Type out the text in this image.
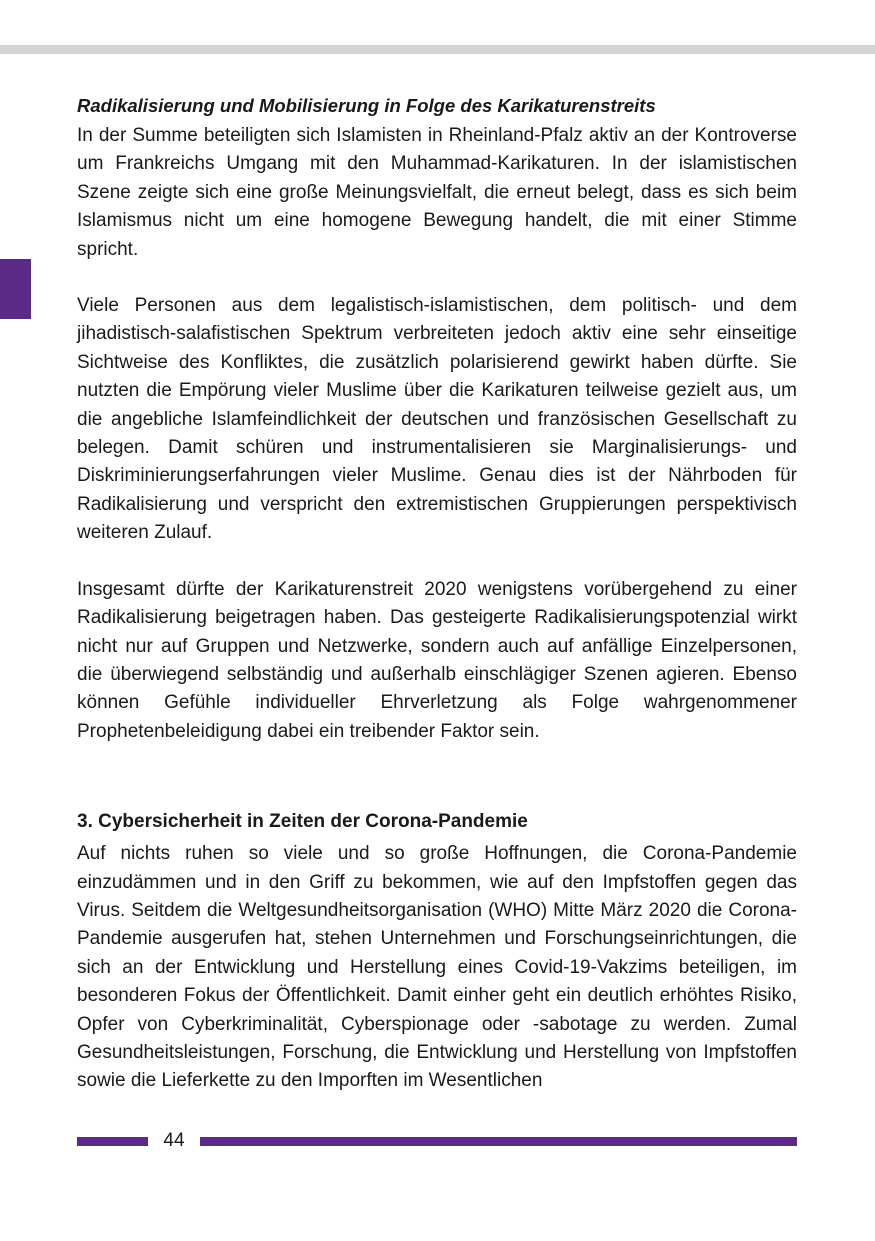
Radikalisierung und Mobilisierung in Folge des Karikaturenstreits

In der Summe beteiligten sich Islamisten in Rheinland-Pfalz aktiv an der Kontroverse um Frankreichs Umgang mit den Muhammad-Karikaturen. In der islamistischen Szene zeigte sich eine große Meinungsvielfalt, die erneut belegt, dass es sich beim Islamismus nicht um eine homogene Bewegung handelt, die mit einer Stimme spricht.

Viele Personen aus dem legalistisch-islamistischen, dem politisch- und dem jihadistisch-salafistischen Spektrum verbreiteten jedoch aktiv eine sehr einseitige Sichtweise des Konfliktes, die zusätzlich polarisierend gewirkt haben dürfte. Sie nutzten die Empörung vieler Muslime über die Karikaturen teilweise gezielt aus, um die angebliche Islamfeindlichkeit der deutschen und französischen Gesellschaft zu belegen. Damit schüren und instrumentalisieren sie Marginalisierungs- und Diskriminierungserfahrungen vieler Muslime. Genau dies ist der Nährboden für Radikalisierung und verspricht den extremistischen Gruppierungen perspektivisch weiteren Zulauf.

Insgesamt dürfte der Karikaturenstreit 2020 wenigstens vorübergehend zu einer Radikalisierung beigetragen haben. Das gesteigerte Radikalisierungspotenzial wirkt nicht nur auf Gruppen und Netzwerke, sondern auch auf anfällige Einzelpersonen, die überwiegend selbständig und außerhalb einschlägiger Szenen agieren. Ebenso können Gefühle individueller Ehrverletzung als Folge wahrgenommener Prophetenbeleidigung dabei ein treibender Faktor sein.

3. Cybersicherheit in Zeiten der Corona-Pandemie

Auf nichts ruhen so viele und so große Hoffnungen, die Corona-Pandemie einzudämmen und in den Griff zu bekommen, wie auf den Impfstoffen gegen das Virus. Seitdem die Weltgesundheitsorganisation (WHO) Mitte März 2020 die Corona-Pandemie ausgerufen hat, stehen Unternehmen und Forschungseinrichtungen, die sich an der Entwicklung und Herstellung eines Covid-19-Vakzims beteiligen, im besonderen Fokus der Öffentlichkeit. Damit einher geht ein deutlich erhöhtes Risiko, Opfer von Cyberkriminalität, Cyberspionage oder -sabotage zu werden. Zumal Gesundheitsleistungen, Forschung, die Entwicklung und Herstellung von Impfstoffen sowie die Lieferkette zu den Imporften im Wesentlichen

44
